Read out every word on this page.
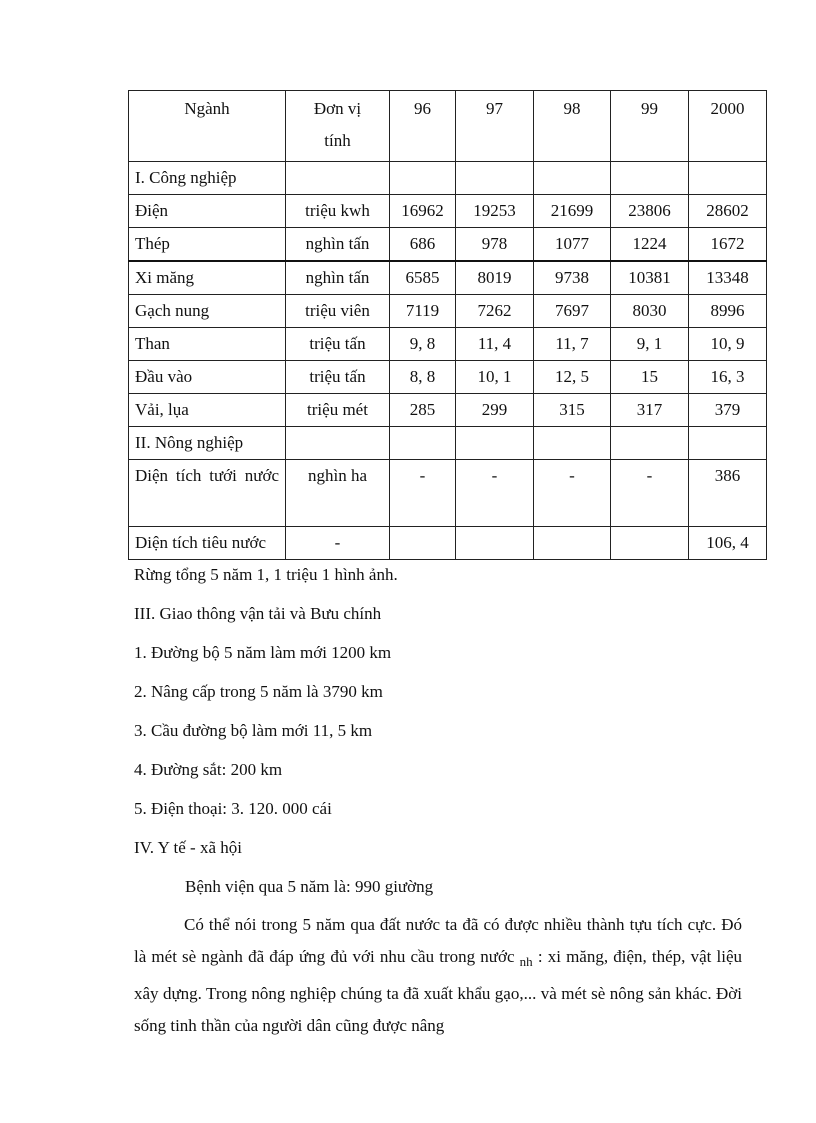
Ngành	Đơn vị tính	96	97	98	99	2000
I. Công nghiệp						
Điện	triệu kwh	16962	19253	21699	23806	28602
Thép	nghìn tấn	686	978	1077	1224	1672
Xi măng	nghìn tấn	6585	8019	9738	10381	13348
Gạch nung	triệu viên	7119	7262	7697	8030	8996
Than	triệu tấn	9, 8	11, 4	11, 7	9, 1	10, 9
Đầu vào	triệu tấn	8, 8	10, 1	12, 5	15	16, 3
Vải, lụa	triệu mét	285	299	315	317	379
II. Nông nghiệp						
Diện tích tưới nước	nghìn ha	-	-	-	-	386
Diện tích tiêu nước	-					106, 4
Rừng tổng 5 năm 1, 1 triệu 1 hình ảnh.
III. Giao thông vận tải và Bưu chính
1. Đường bộ 5 năm làm mới 1200 km
2. Nâng cấp trong 5 năm là 3790 km
3. Cầu đường bộ làm mới 11, 5 km
4. Đường sắt: 200 km
5. Điện thoại: 3. 120. 000 cái
IV. Y tế - xã hội
Bệnh viện qua 5 năm là: 990 giường
Có thể nói trong 5 năm qua đất nước ta đã có được nhiều thành tựu tích cực. Đó là mét sè ngành đã đáp ứng đủ với nhu cầu trong nước $_{nh}$ : xi măng, điện, thép, vật liệu xây dựng. Trong nông nghiệp chúng ta đã xuất khẩu gạo,... và mét sè nông sản khác. Đời sống tinh thần của người dân cũng được nâng
